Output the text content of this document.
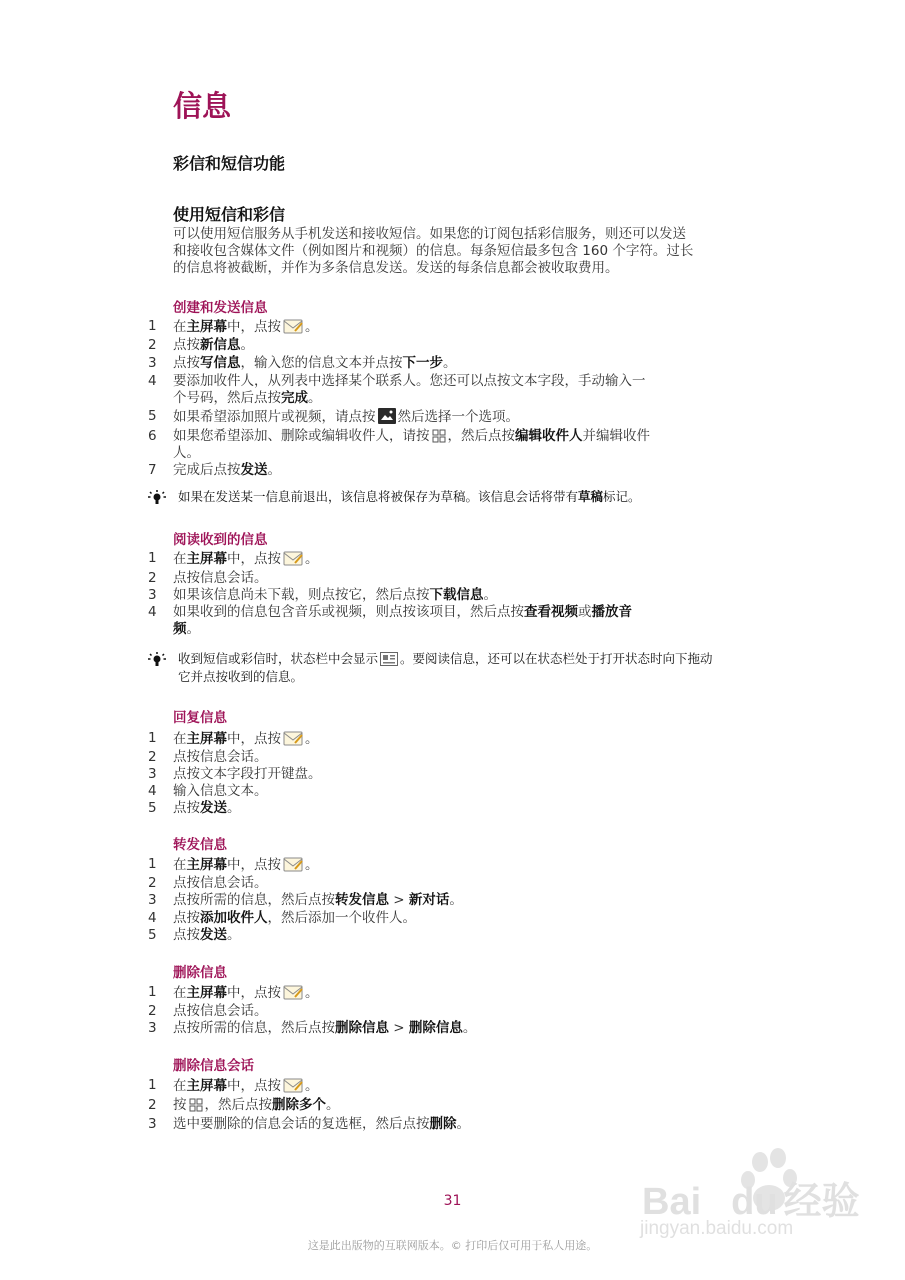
信息
彩信和短信功能
使用短信和彩信
可以使用短信服务从手机发送和接收短信。如果您的订阅包括彩信服务，则还可以发送
和接收包含媒体文件（例如图片和视频）的信息。每条短信最多包含 160 个字符。过长
的信息将被截断，并作为多条信息发送。发送的每条信息都会被收取费用。
创建和发送信息
1	在主屏幕中，点按 。
2	点按新信息。
3	点按写信息，输入您的信息文本并点按下一步。
4	要添加收件人，从列表中选择某个联系人。您还可以点按文本字段，手动输入一
个号码，然后点按完成。
5	如果希望添加照片或视频，请点按 然后选择一个选项。
6	如果您希望添加、删除或编辑收件人，请按 ，然后点按编辑收件人并编辑收件
人。
7	完成后点按发送。
如果在发送某一信息前退出，该信息将被保存为草稿。该信息会话将带有草稿标记。
阅读收到的信息
1	在主屏幕中，点按 。
2	点按信息会话。
3	如果该信息尚未下载，则点按它，然后点按下载信息。
4	如果收到的信息包含音乐或视频，则点按该项目，然后点按查看视频或播放音
频。
收到短信或彩信时，状态栏中会显示 。要阅读信息，还可以在状态栏处于打开状态时向下拖动
它并点按收到的信息。
回复信息
1	在主屏幕中，点按 。
2	点按信息会话。
3	点按文本字段打开键盘。
4	输入信息文本。
5	点按发送。
转发信息
1	在主屏幕中，点按 。
2	点按信息会话。
3	点按所需的信息，然后点按转发信息 > 新对话。
4	点按添加收件人，然后添加一个收件人。
5	点按发送。
删除信息
1	在主屏幕中，点按 。
2	点按信息会话。
3	点按所需的信息，然后点按删除信息 > 删除信息。
删除信息会话
1	在主屏幕中，点按 。
2	按 ，然后点按删除多个。
3	选中要删除的信息会话的复选框，然后点按删除。
31
这是此出版物的互联网版本。© 打印后仅可用于私人用途。
Bai du 经验
jingyan.baidu.com
